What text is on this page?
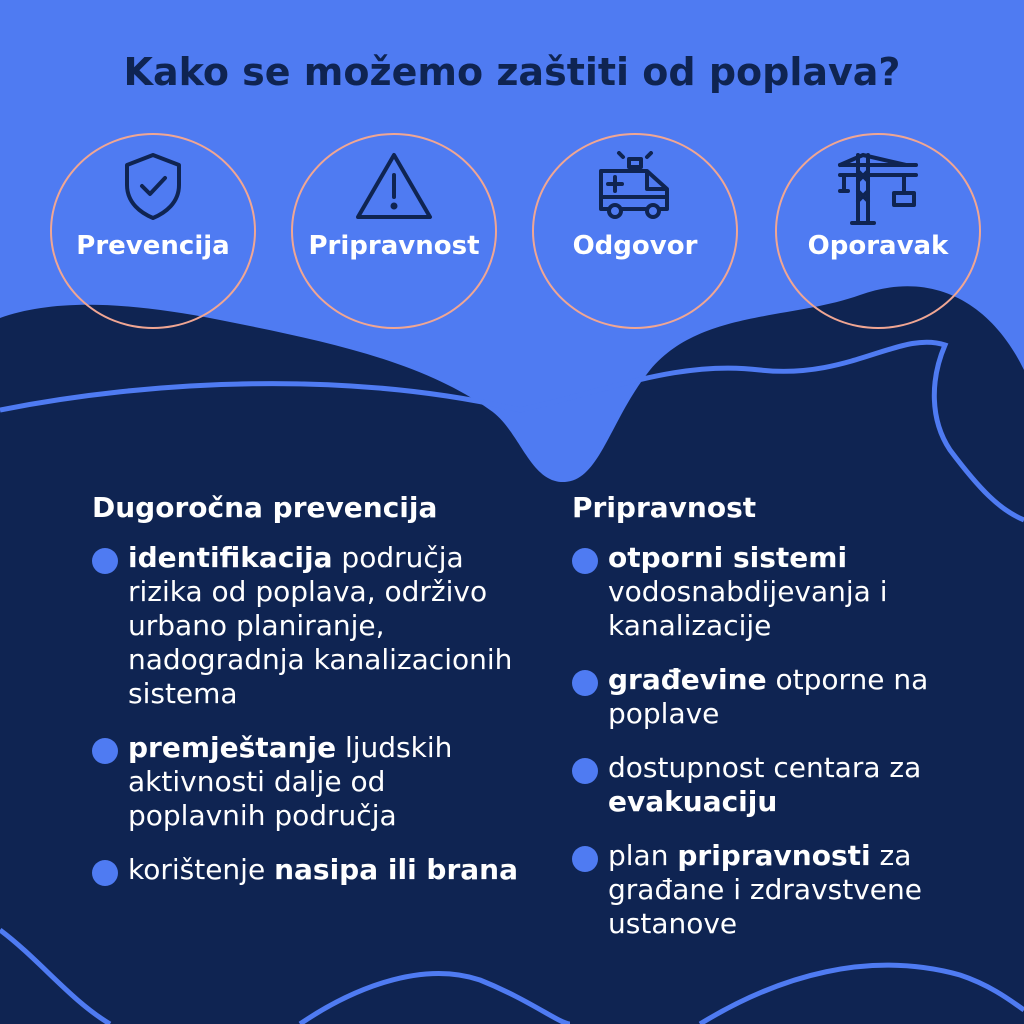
Kako se možemo zaštiti od poplava?
Prevencija	Pripravnost	Odgovor	Oporavak
Dugoročna prevencija
identifikacija područja rizika od poplava, održivo urbano planiranje, nadogradnja kanalizacionih sistema
premještanje ljudskih aktivnosti dalje od poplavnih područja
korištenje nasipa ili brana
Pripravnost
otporni sistemi vodosnabdijevanja i kanalizacije
građevine otporne na poplave
dostupnost centara za evakuaciju
plan pripravnosti za građane i zdravstvene ustanove
